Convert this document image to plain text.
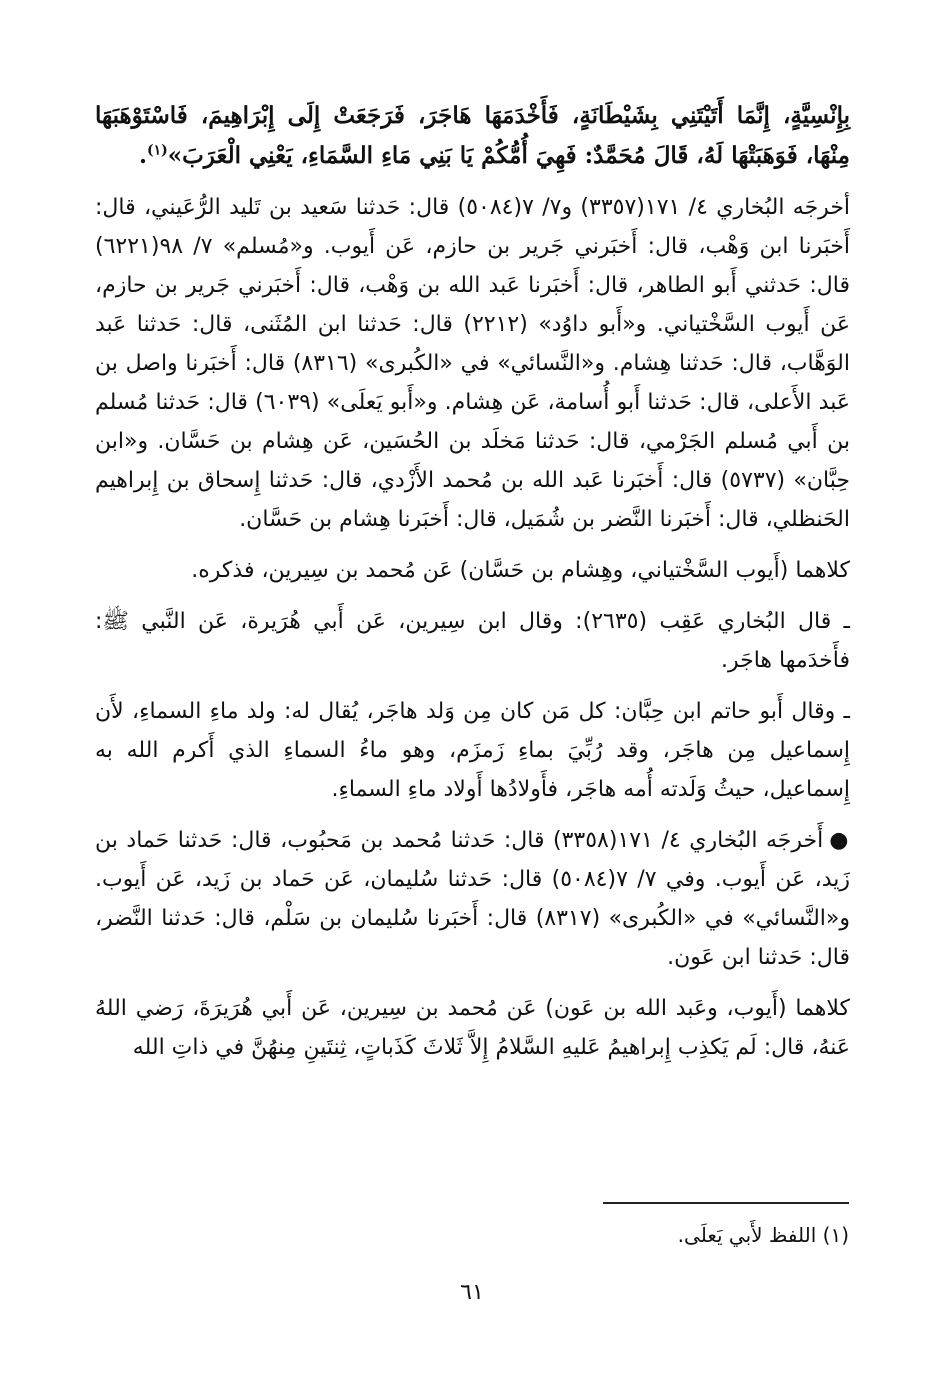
بِإِنْسِيَّةٍ، إِنَّمَا أَتَيْتَنِي بِشَيْطَانَةٍ، فَأَخْدَمَهَا هَاجَرَ، فَرَجَعَتْ إِلَى إِبْرَاهِيمَ، فَاسْتَوْهَبَهَا مِنْهَا، فَوَهَبَتْهَا لَهُ، قَالَ مُحَمَّدٌ: فَهِيَ أُمُّكُمْ يَا بَنِي مَاءِ السَّمَاءِ، يَعْنِي الْعَرَبَ»$^{(١)}$.

أخرجَه البُخاري ٤/ ١٧١(٣٣٥٧) و٧/ ٧(٥٠٨٤) قال: حَدثنا سَعيد بن تَليد الرُّعَيني، قال: أَخبَرنا ابن وَهْب، قال: أَخبَرني جَرير بن حازم، عَن أَيوب. و«مُسلم» ٧/ ٩٨(٦٢٢١) قال: حَدثني أَبو الطاهر، قال: أَخبَرنا عَبد الله بن وَهْب، قال: أَخبَرني جَرير بن حازم، عَن أَيوب السَّخْتياني. و«أَبو داوُد» (٢٢١٢) قال: حَدثنا ابن المُثَنى، قال: حَدثنا عَبد الوَهَّاب، قال: حَدثنا هِشام. و«النَّسائي» في «الكُبرى» (٨٣١٦) قال: أَخبَرنا واصل بن عَبد الأَعلى، قال: حَدثنا أَبو أُسامة، عَن هِشام. و«أَبو يَعلَى» (٦٠٣٩) قال: حَدثنا مُسلم بن أَبي مُسلم الجَرْمي، قال: حَدثنا مَخلَد بن الحُسَين، عَن هِشام بن حَسَّان. و«ابن حِبَّان» (٥٧٣٧) قال: أَخبَرنا عَبد الله بن مُحمد الأَزْدي، قال: حَدثنا إِسحاق بن إِبراهيم الحَنظلي، قال: أَخبَرنا النَّضر بن شُمَيل، قال: أَخبَرنا هِشام بن حَسَّان.

كلاهما (أَيوب السَّخْتياني، وهِشام بن حَسَّان) عَن مُحمد بن سِيرين، فذكره.

ـ قال البُخاري عَقِب (٢٦٣٥): وقال ابن سِيرين، عَن أَبي هُرَيرة، عَن النَّبي ﷺ: فأَخدَمها هاجَر.

ـ وقال أَبو حاتم ابن حِبَّان: كل مَن كان مِن وَلد هاجَر، يُقال له: ولد ماءِ السماءِ، لأَن إِسماعيل مِن هاجَر، وقد رُبِّيَ بماءِ زَمزَم، وهو ماءُ السماءِ الذي أَكرم الله به إِسماعيل، حيثُ وَلَدته أُمه هاجَر، فأَولادُها أَولاد ماءِ السماءِ.

●أَخرجَه البُخاري ٤/ ١٧١(٣٣٥٨) قال: حَدثنا مُحمد بن مَحبُوب، قال: حَدثنا حَماد بن زَيد، عَن أَيوب. وفي ٧/ ٧(٥٠٨٤) قال: حَدثنا سُليمان، عَن حَماد بن زَيد، عَن أَيوب. و«النَّسائي» في «الكُبرى» (٨٣١٧) قال: أَخبَرنا سُليمان بن سَلْم، قال: حَدثنا النَّضر، قال: حَدثنا ابن عَون.

كلاهما (أَيوب، وعَبد الله بن عَون) عَن مُحمد بن سِيرين، عَن أَبي هُرَيرَةَ، رَضي اللهُ عَنهُ، قال: لَم يَكذِب إِبراهيمُ عَليهِ السَّلامُ إِلاَّ ثَلاثَ كَذَباتٍ، ثِنتَينِ مِنهُنَّ في ذاتِ الله

(١) اللفظ لأَبي يَعلَى.
٦١
